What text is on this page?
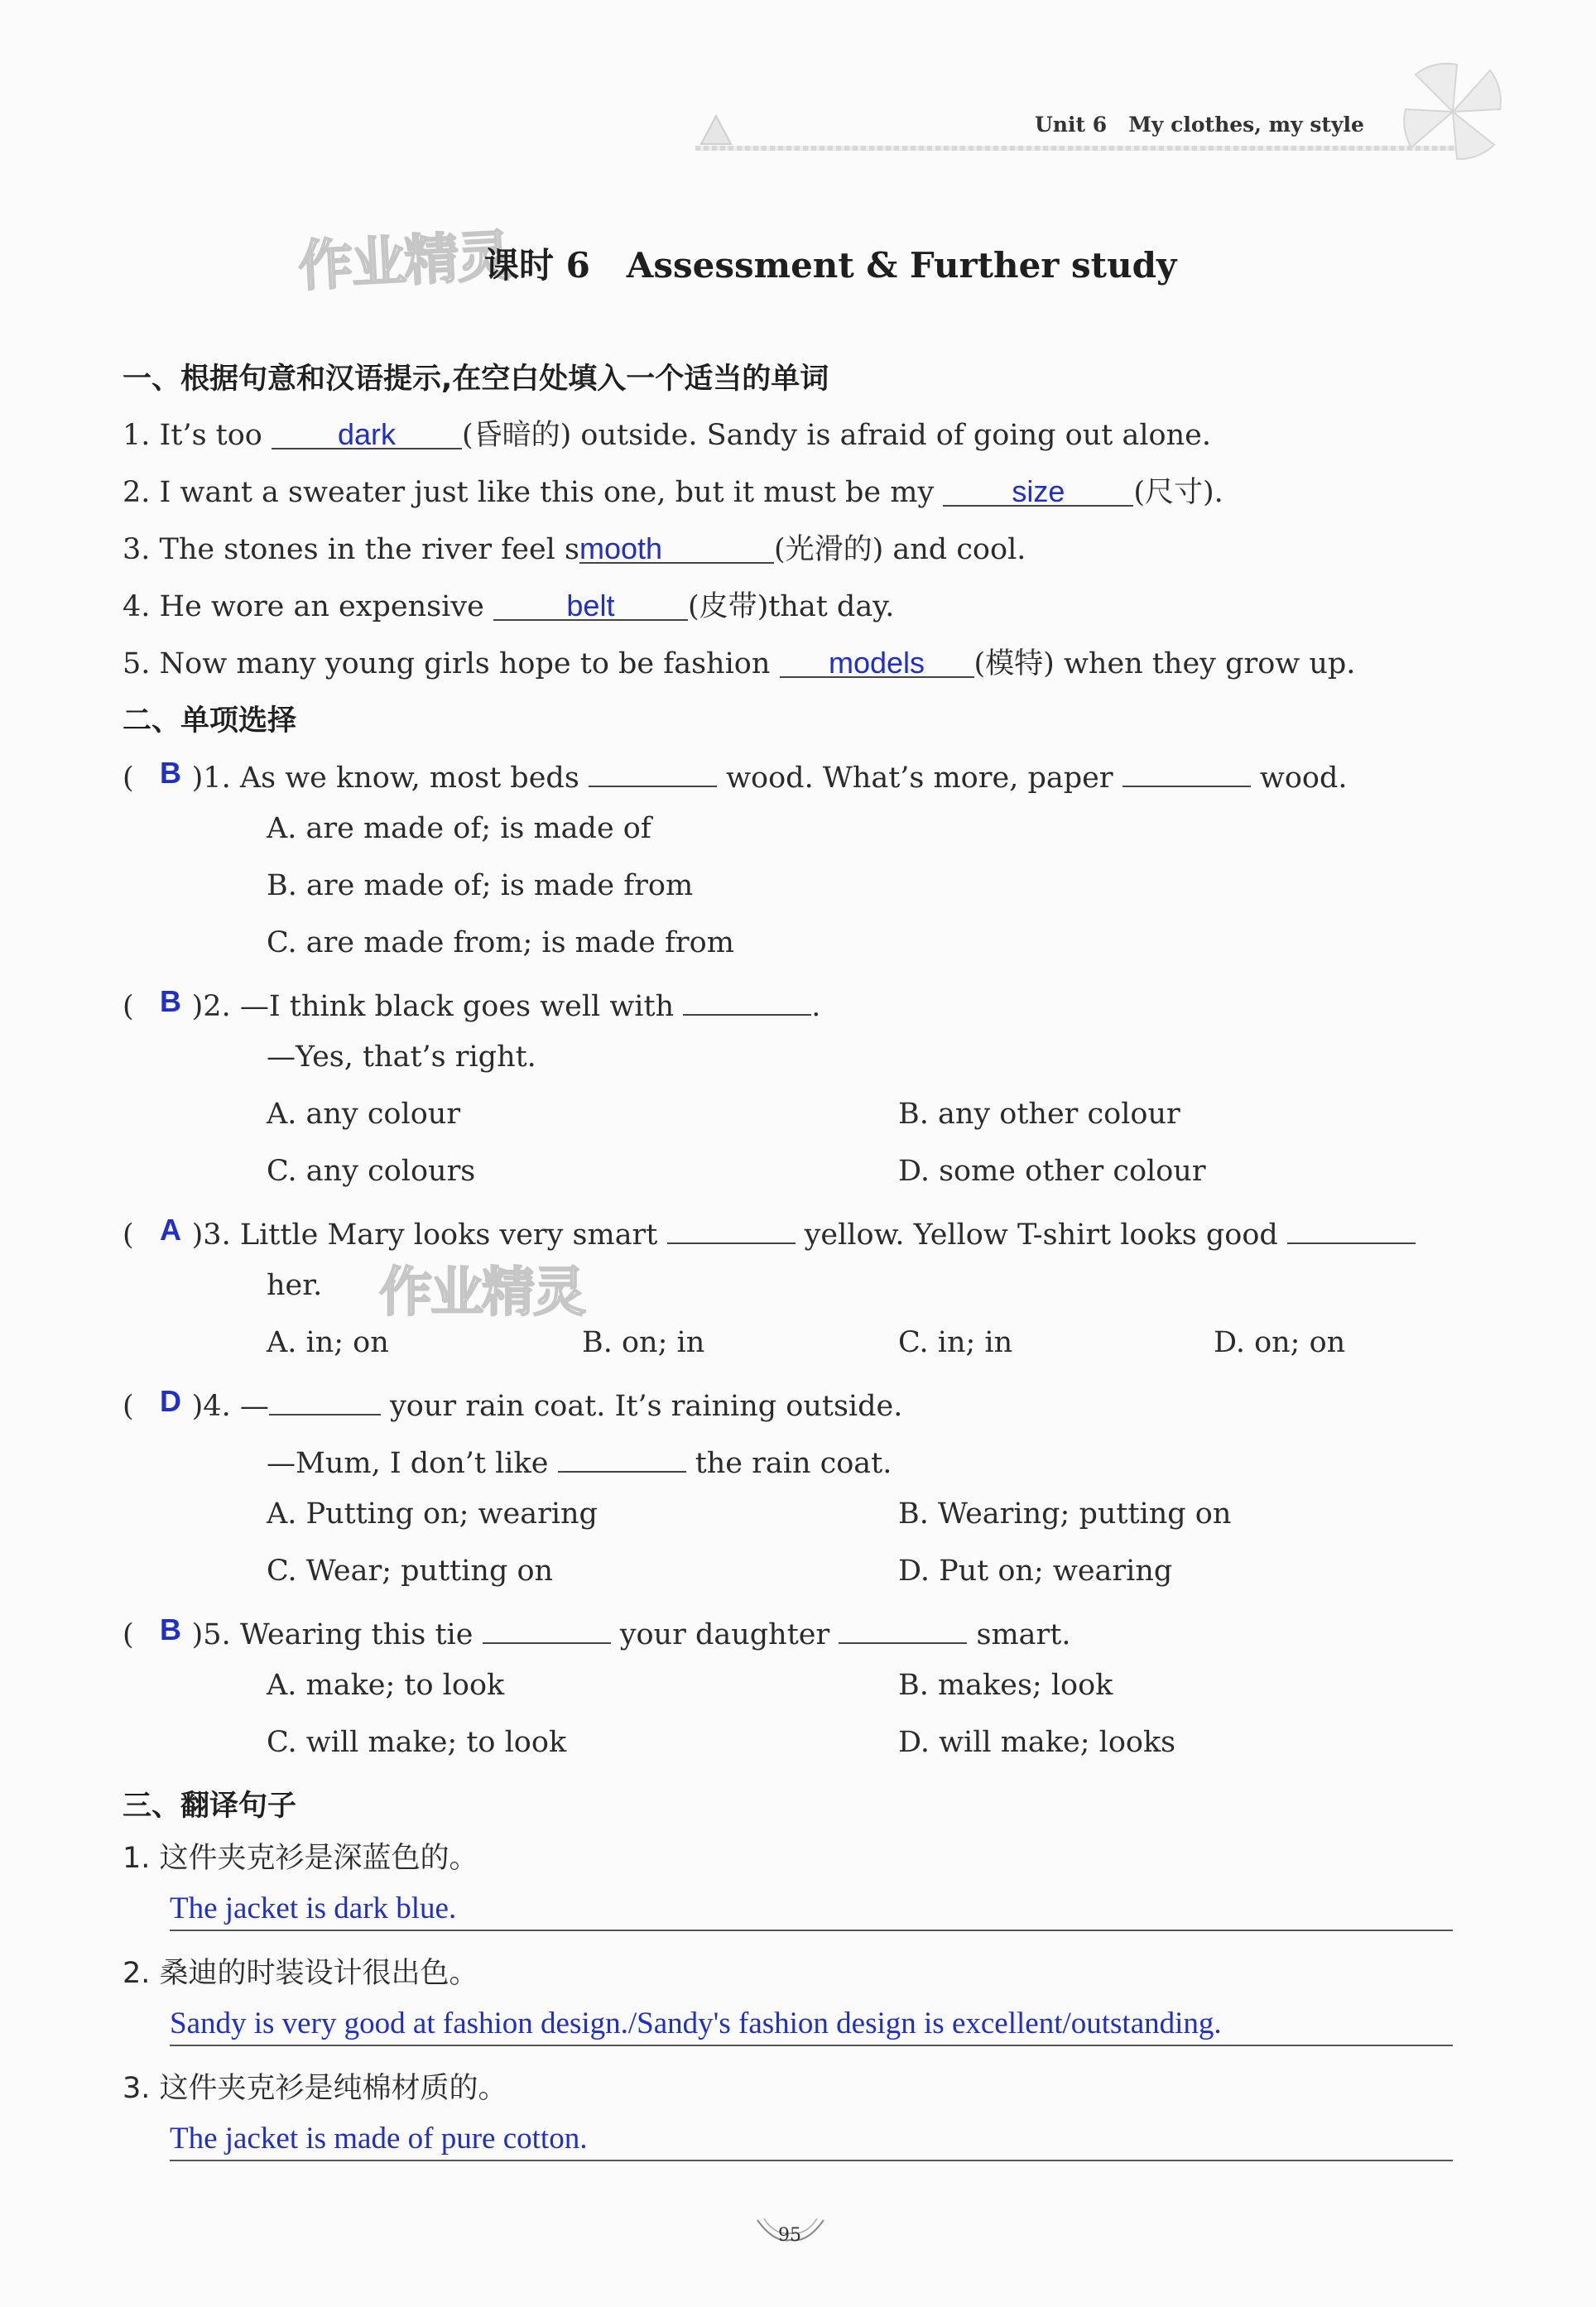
Unit 6 My clothes, my style
作业精灵
课时 6 Assessment & Further study
一、根据句意和汉语提示,在空白处填入一个适当的单词
1. It’s too	dark (昏暗的) outside. Sandy is afraid of going out alone.
2. I want a sweater just like this one, but it must be my	size (尺寸).
3. The stones in the river feel smooth	(光滑的) and cool.
4. He wore an expensive	belt	(皮带)that day.
5. Now many young girls hope to be fashion models (模特) when they grow up.
二、单项选择
( )1. As we know, most beds	wood. What’s more, paper	wood.
B
A. are made of; is made of
B. are made of; is made from
C. are made from; is made from
( )2. —I think black goes well with	.
B
—Yes, that’s right.
A. any colour	B. any other colour
C. any colours	D. some other colour
( )3. Little Mary looks very smart	yellow. Yellow T-shirt looks good
A
her. 作业精灵
A. in; on	B. on; in	C. in; in	D. on; on
( )4. —	your rain coat. It’s raining outside.
D
—Mum, I don’t like	the rain coat.
A. Putting on; wearing	B. Wearing; putting on
C. Wear; putting on	D. Put on; wearing
( )5. Wearing this tie	your daughter	smart.
B
A. make; to look	B. makes; look
C. will make; to look	D. will make; looks
三、翻译句子
1. 这件夹克衫是深蓝色的。
The jacket is dark blue.
2. 桑迪的时装设计很出色。
Sandy is very good at fashion design./Sandy's fashion design is excellent/outstanding.
3. 这件夹克衫是纯棉材质的。
The jacket is made of pure cotton.
95
